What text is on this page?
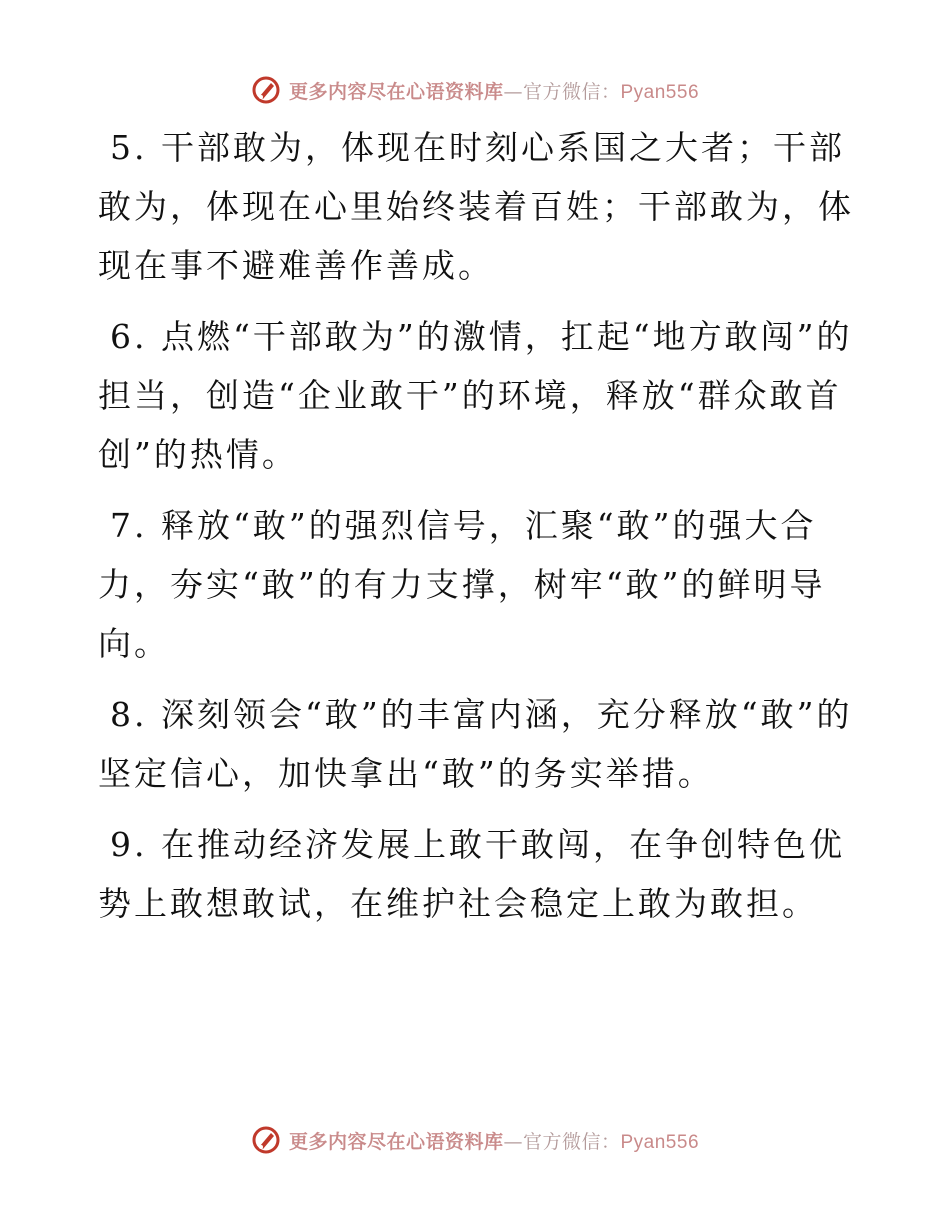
更多内容尽在心语资料库—官方微信：Pyan556

5. 干部敢为，体现在时刻心系国之大者；干部敢为，体现在心里始终装着百姓；干部敢为，体现在事不避难善作善成。

6. 点燃“干部敢为”的激情，扛起“地方敢闯”的担当，创造“企业敢干”的环境，释放“群众敢首创”的热情。

7. 释放“敢”的强烈信号，汇聚“敢”的强大合力，夯实“敢”的有力支撑，树牢“敢”的鲜明导向。

8. 深刻领会“敢”的丰富内涵，充分释放“敢”的坚定信心，加快拿出“敢”的务实举措。

9. 在推动经济发展上敢干敢闯，在争创特色优势上敢想敢试，在维护社会稳定上敢为敢担。

更多内容尽在心语资料库—官方微信：Pyan556
